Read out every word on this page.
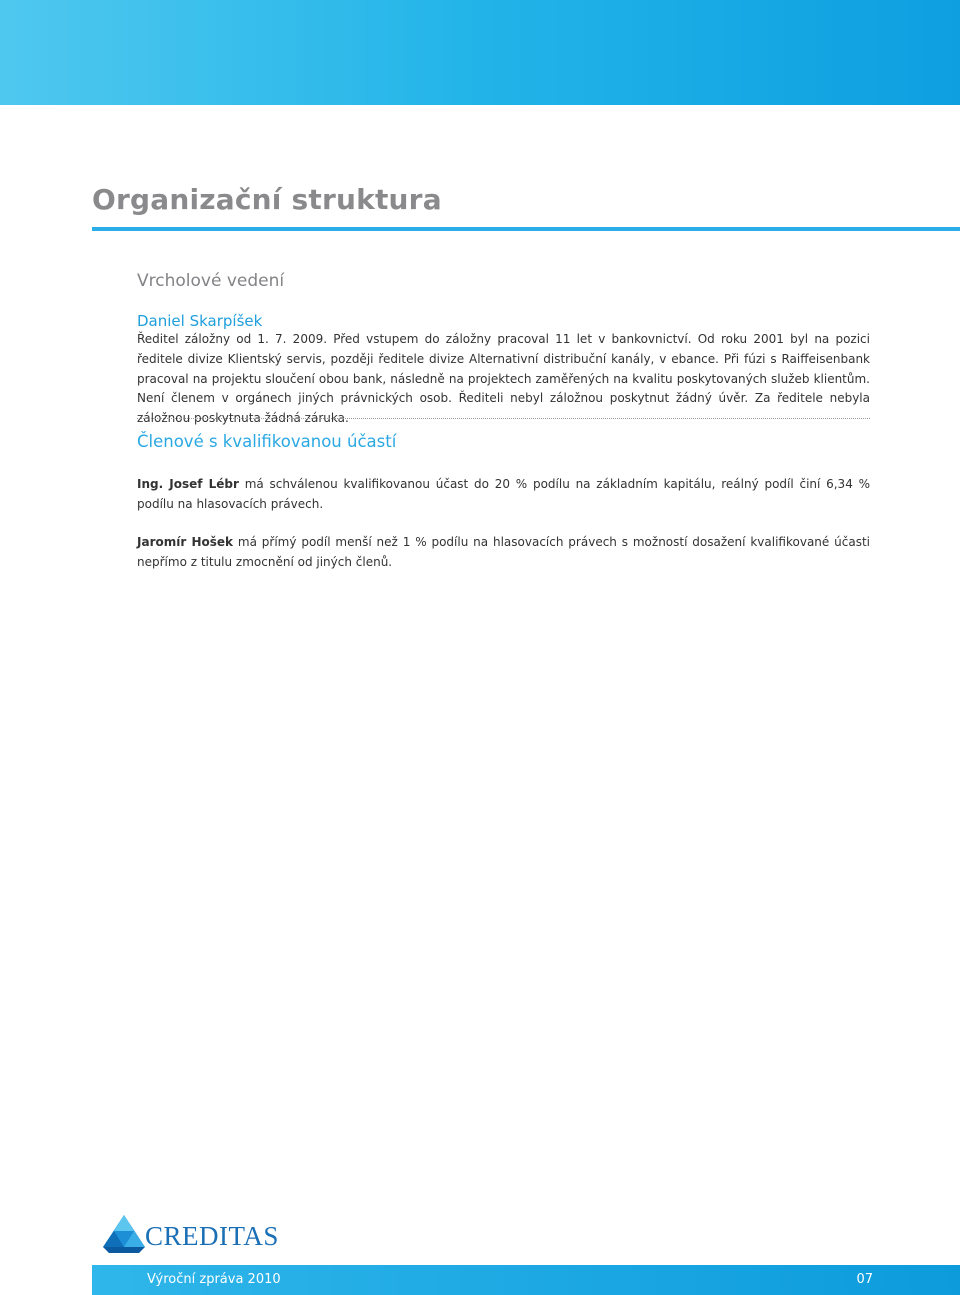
Organizační struktura
Vrcholové vedení
Daniel Skarpíšek
Ředitel záložny od 1. 7. 2009. Před vstupem do záložny pracoval 11 let v bankovnictví. Od roku 2001 byl na pozici ředitele divize Klientský servis, později ředitele divize Alternativní distribuční kanály, v ebance. Při fúzi s Raiffeisenbank pracoval na projektu sloučení obou bank, následně na projektech zaměřených na kvalitu poskytovaných služeb klientům. Není členem v orgánech jiných právnických osob. Řediteli nebyl záložnou poskytnut žádný úvěr. Za ředitele nebyla záložnou poskytnuta žádná záruka.
Členové s kvalifikovanou účastí
Ing. Josef Lébr má schválenou kvalifikovanou účast do 20 % podílu na základním kapitálu, reálný podíl činí 6,34 % podílu na hlasovacích právech.
Jaromír Hošek má přímý podíl menší než 1 % podílu na hlasovacích právech s možností dosažení kvalifikované účasti nepřímo z titulu zmocnění od jiných členů.
CREDITAS
Výroční zpráva 2010	07
